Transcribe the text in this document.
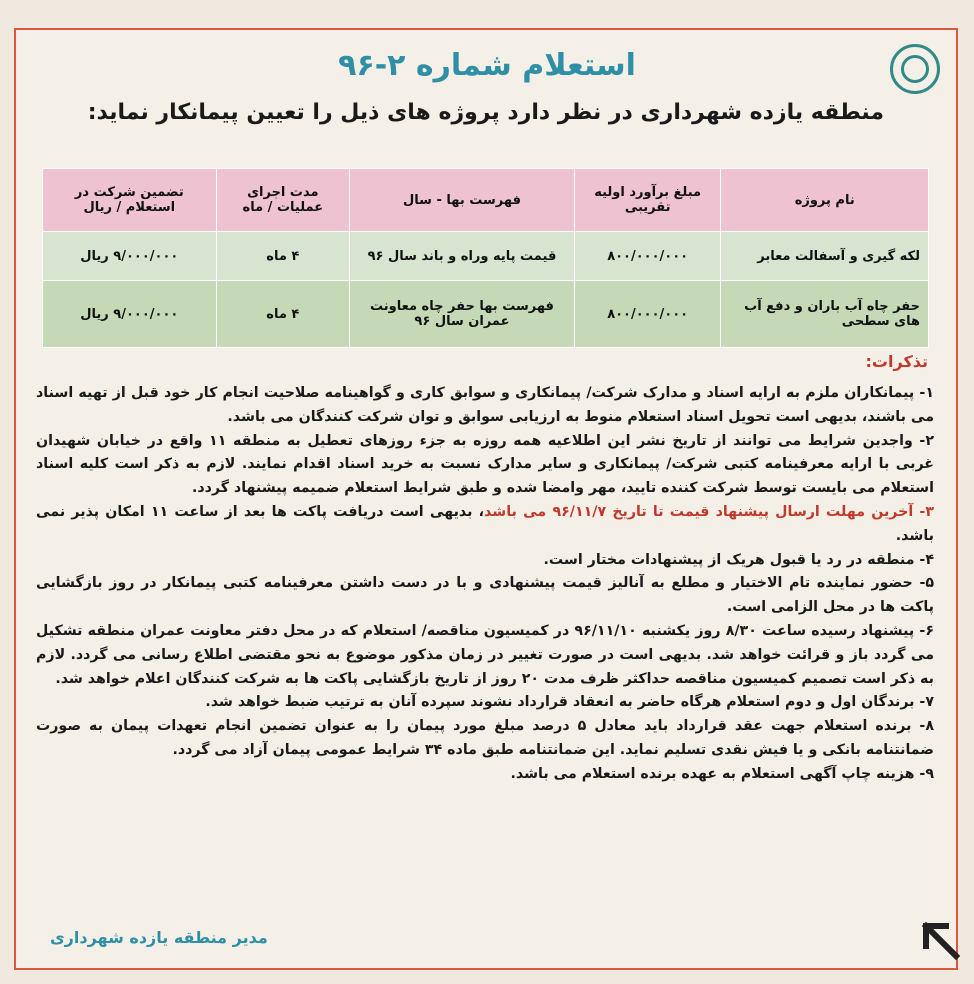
استعلام شماره ۲-۹۶
منطقه یازده شهرداری در نظر دارد پروژه های ذیل را تعیین پیمانکار نماید:
نام پروژه	مبلغ برآورد اولیه تقریبی	فهرست بها - سال	مدت اجرای عملیات / ماه	تضمین شرکت در استعلام / ریال
لکه گیری و آسفالت معابر	۸۰۰/۰۰۰/۰۰۰	قیمت پایه وراه و باند سال ۹۶	۴ ماه	۹/۰۰۰/۰۰۰ ریال
حفر چاه آب باران و دفع آب های سطحی	۸۰۰/۰۰۰/۰۰۰	فهرست بها حفر چاه معاونت عمران سال ۹۶	۴ ماه	۹/۰۰۰/۰۰۰ ریال
تذکرات:

۱- پیمانکاران ملزم به ارایه اسناد و مدارک شرکت/ پیمانکاری و سوابق کاری و گواهینامه صلاحیت انجام کار خود قبل از تهیه اسناد می باشند، بدیهی است تحویل اسناد استعلام منوط به ارزیابی سوابق و توان شرکت کنندگان می باشد.

۲- واجدین شرایط می توانند از تاریخ نشر این اطلاعیه همه روزه به جزء روزهای تعطیل به منطقه ۱۱ واقع در خیابان شهیدان غربی با ارایه معرفینامه کتبی شرکت/ پیمانکاری و سایر مدارک نسبت به خرید اسناد اقدام نمایند. لازم به ذکر است کلیه اسناد استعلام می بایست توسط شرکت کننده تایید، مهر وامضا شده و طبق شرایط استعلام ضمیمه پیشنهاد گردد.

۳- آخرین مهلت ارسال پیشنهاد قیمت تا تاریخ ۹۶/۱۱/۷ می باشد، بدیهی است دریافت پاکت ها بعد از ساعت ۱۱ امکان پذیر نمی باشد.

۴- منطقه در رد یا قبول هریک از پیشنهادات مختار است.

۵- حضور نماینده تام الاختیار و مطلع به آنالیز قیمت پیشنهادی و با در دست داشتن معرفینامه کتبی پیمانکار در روز بازگشایی پاکت ها در محل الزامی است.

۶- پیشنهاد رسیده ساعت ۸/۳۰ روز یکشنبه ۹۶/۱۱/۱۰ در کمیسیون مناقصه/ استعلام که در محل دفتر معاونت عمران منطقه تشکیل می گردد باز و قرائت خواهد شد. بدیهی است در صورت تغییر در زمان مذکور موضوع به نحو مقتضی اطلاع رسانی می گردد. لازم به ذکر است تصمیم کمیسیون مناقصه حداکثر ظرف مدت ۲۰ روز از تاریخ بازگشایی پاکت ها به شرکت کنندگان اعلام خواهد شد.

۷- برندگان اول و دوم استعلام هرگاه حاضر به انعقاد قرارداد نشوند سپرده آنان به ترتیب ضبط خواهد شد.

۸- برنده استعلام جهت عقد قرارداد باید معادل ۵ درصد مبلغ مورد پیمان را به عنوان تضمین انجام تعهدات پیمان به صورت ضمانتنامه بانکی و یا فیش نقدی تسلیم نماید. این ضمانتنامه طبق ماده ۳۴ شرایط عمومی پیمان آزاد می گردد.

۹- هزینه چاپ آگهی استعلام به عهده برنده استعلام می باشد.

مدیر منطقه یازده شهرداری
